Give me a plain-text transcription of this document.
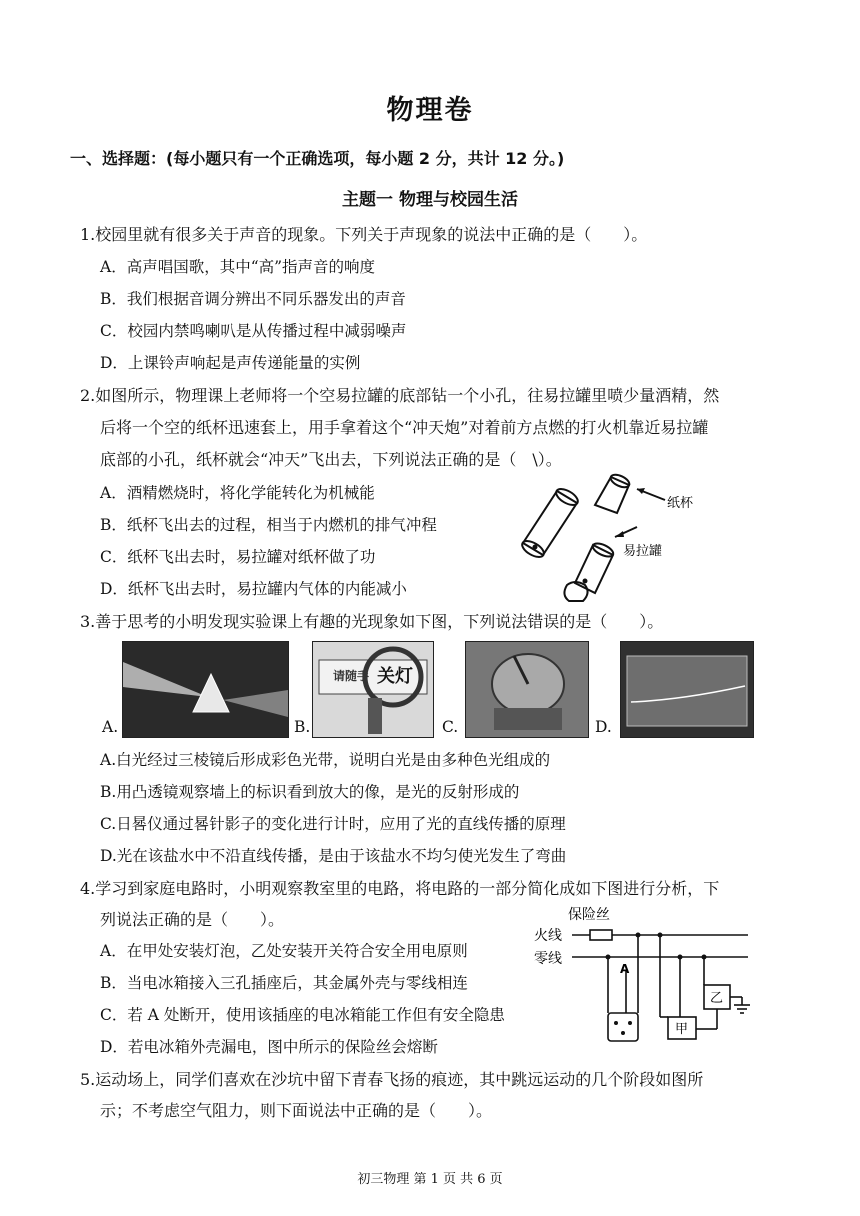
物理卷
一、选择题：(每小题只有一个正确选项，每小题 2 分，共计 12 分。)
主题一 物理与校园生活
1.校园里就有很多关于声音的现象。下列关于声现象的说法中正确的是（　　）。
A．高声唱国歌，其中“高”指声音的响度
B．我们根据音调分辨出不同乐器发出的声音
C．校园内禁鸣喇叭是从传播过程中减弱噪声
D．上课铃声响起是声传递能量的实例
2.如图所示，物理课上老师将一个空易拉罐的底部钻一个小孔，往易拉罐里喷少量酒精，然
后将一个空的纸杯迅速套上，用手拿着这个“冲天炮”对着前方点燃的打火机靠近易拉罐
底部的小孔，纸杯就会“冲天”飞出去，下列说法正确的是（　\）。
A．酒精燃烧时，将化学能转化为机械能
B．纸杯飞出去的过程，相当于内燃机的排气冲程
C．纸杯飞出去时，易拉罐对纸杯做了功
D．纸杯飞出去时，易拉罐内气体的内能减小
纸杯
易拉罐
3.善于思考的小明发现实验课上有趣的光现象如下图，下列说法错误的是（　　）。
A.	B.
请随手 关灯
C.	D.
A.白光经过三棱镜后形成彩色光带，说明白光是由多种色光组成的
B.用凸透镜观察墙上的标识看到放大的像，是光的反射形成的
C.日晷仪通过晷针影子的变化进行计时，应用了光的直线传播的原理
D.光在该盐水中不沿直线传播，是由于该盐水不均匀使光发生了弯曲
4.学习到家庭电路时，小明观察教室里的电路，将电路的一部分简化成如下图进行分析，下
列说法正确的是（　　）。
A．在甲处安装灯泡，乙处安装开关符合安全用电原则
B．当电冰箱接入三孔插座后，其金属外壳与零线相连
C．若 A 处断开，使用该插座的电冰箱能工作但有安全隐患
D．若电冰箱外壳漏电，图中所示的保险丝会熔断
保险丝
火线
零线
A
甲
乙
5.运动场上，同学们喜欢在沙坑中留下青春飞扬的痕迹，其中跳远运动的几个阶段如图所
示；不考虑空气阻力，则下面说法中正确的是（　　）。
初三物理 第 1 页 共 6 页
